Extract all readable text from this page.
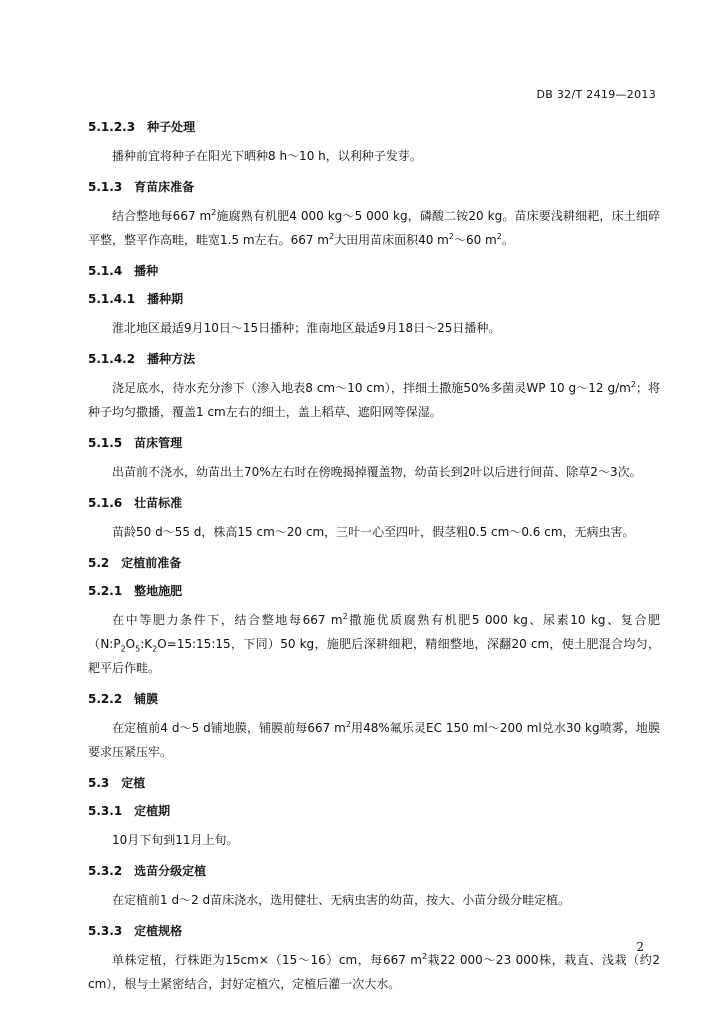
DB 32/T 2419—2013

5.1.2.3 种子处理

播种前宜将种子在阳光下晒种8 h～10 h，以利种子发芽。

5.1.3 育苗床准备

结合整地每667 $m^2$施腐熟有机肥4 000 kg～5 000 kg，磷酸二铵20 kg。苗床要浅耕细耙，床土细碎平整，整平作高畦，畦宽1.5 m左右。667 $m^2$大田用苗床面积40 $m^2\sim 60$ $m^2$。

5.1.4 播种

5.1.4.1 播种期

淮北地区最适9月10日～15日播种；淮南地区最适9月18日～25日播种。

5.1.4.2 播种方法

浇足底水，待水充分渗下（渗入地表8 cm～10 cm），拌细土撒施50%多菌灵WP 10 g～12 $g/m^2$；将种子均匀撒播，覆盖1 cm左右的细土，盖上稻草、遮阳网等保湿。

5.1.5 苗床管理

出苗前不浇水，幼苗出土70%左右时在傍晚揭掉覆盖物，幼苗长到2叶以后进行间苗、除草2～3次。

5.1.6 壮苗标准

苗龄50 d～55 d，株高15 cm～20 cm，三叶一心至四叶，假茎粗0.5 cm～0.6 cm，无病虫害。

5.2 定植前准备

5.2.1 整地施肥

在中等肥力条件下，结合整地每667 $m^2$撒施优质腐熟有机肥5 000 kg、尿素10 kg、复合肥（$N:P_2O_5:K_2O=15:15:15$，下同）50 kg，施肥后深耕细耙，精细整地，深翻20 cm，使土肥混合均匀，耙平后作畦。

5.2.2 铺膜

在定植前4 d～5 d铺地膜，铺膜前每667 $m^2$用48%氟乐灵EC 150 ml～200 ml兑水30 kg喷雾，地膜要求压紧压牢。

5.3 定植

5.3.1 定植期

10月下旬到11月上旬。

5.3.2 选苗分级定植

在定植前1 d～2 d苗床浇水，选用健壮、无病虫害的幼苗，按大、小苗分级分畦定植。

5.3.3 定植规格

单株定植，行株距为15cm×（15～16）cm，每667 $m^2$栽22 000～23 000株，栽直、浅栽（约2 cm），根与土紧密结合，封好定植穴，定植后灌一次大水。

2
